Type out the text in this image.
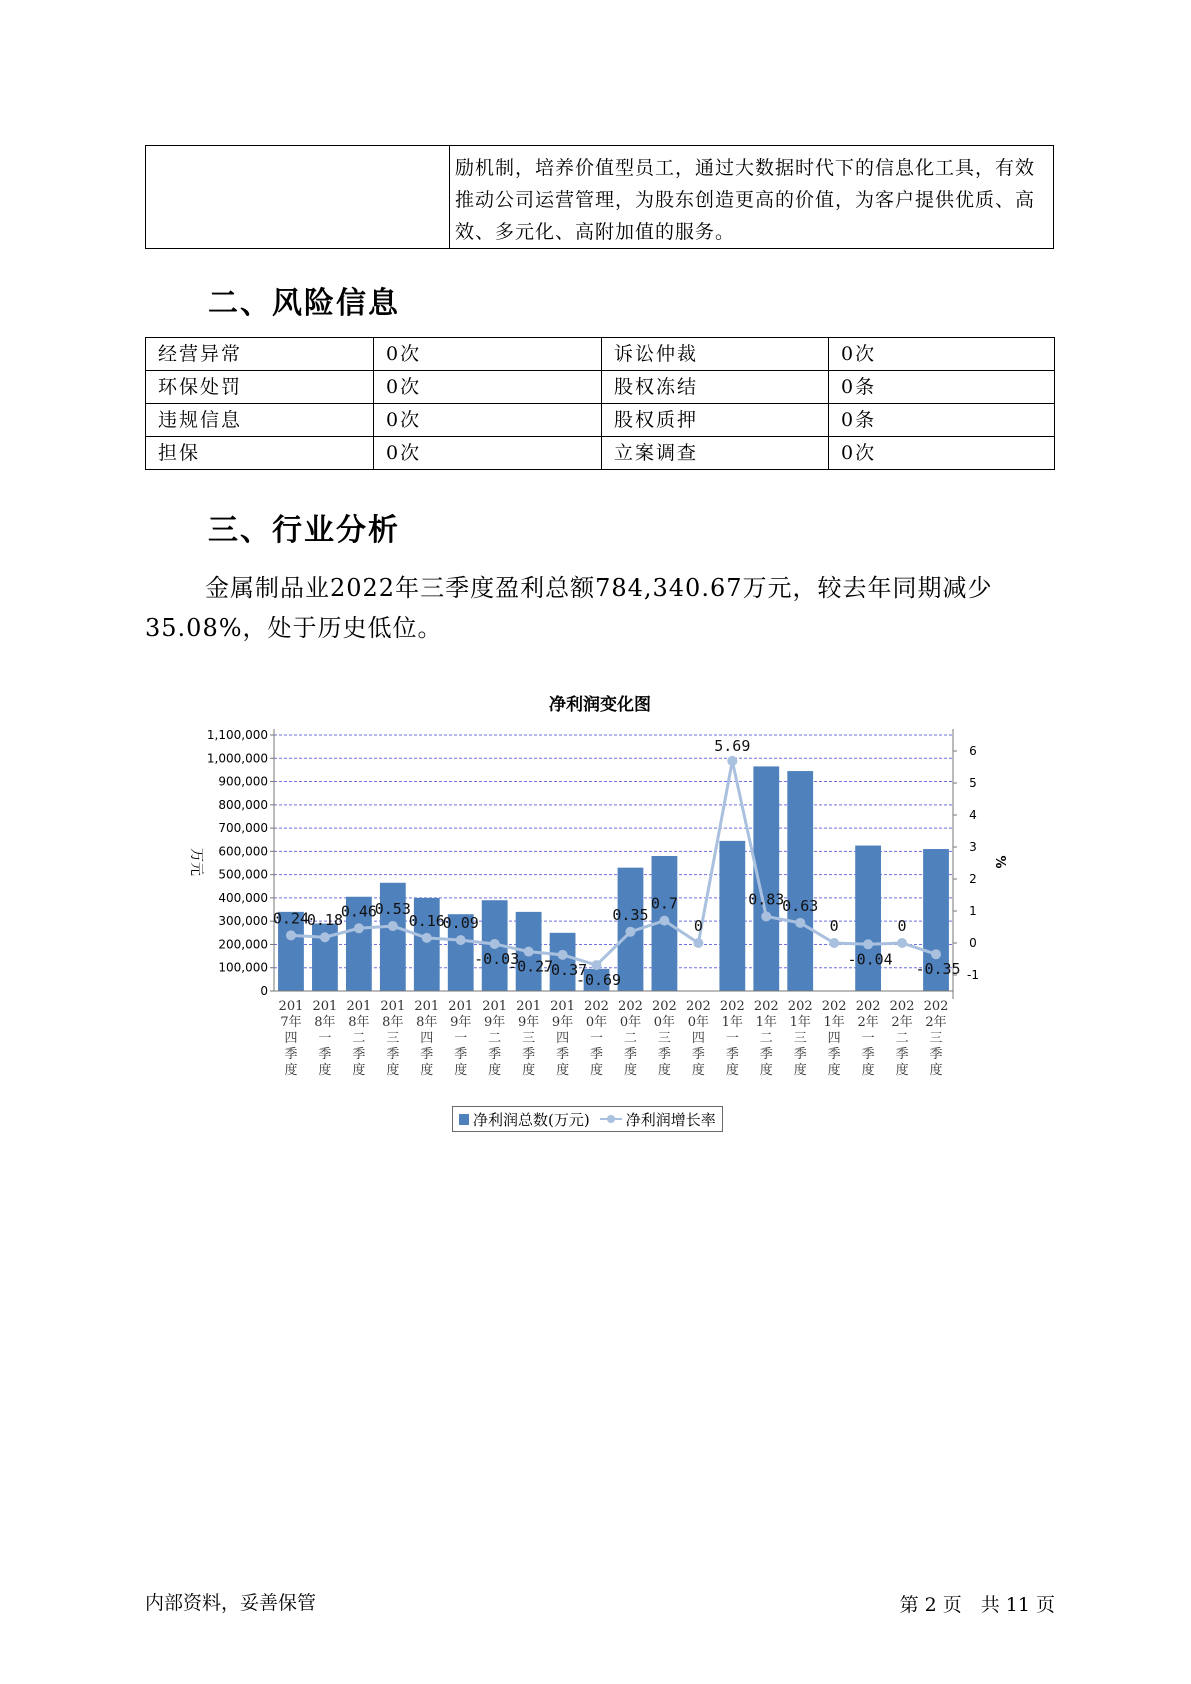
	励机制，培养价值型员工，通过大数据时代下的信息化工具，有效推动公司运营管理，为股东创造更高的价值，为客户提供优质、高效、多元化、高附加值的服务。
二、风险信息
经营异常	0次	诉讼仲裁	0次
环保处罚	0次	股权冻结	0条
违规信息	0次	股权质押	0条
担保	0次	立案调查	0次
三、行业分析

金属制品业2022年三季度盈利总额784,340.67万元，较去年同期减少35.08%，处于历史低位。

净利润变化图
0
100,000
200,000
300,000
400,000
500,000
600,000
700,000
800,000
900,000
1,000,000
1,100,000
-1
0
1
2
3
4
5
6
201 7年四季度
201 8年一季度
201 8年二季度
201 8年三季度
201 8年四季度
201 9年一季度
201 9年二季度
201 9年三季度
201 9年四季度
202 0年一季度
202 0年二季度
202 0年三季度
202 0年四季度
202 1年一季度
202 1年二季度
202 1年三季度
202 1年四季度
202 2年一季度
202 2年二季度
202 2年三季度
0.24
0.18
0.46
0.53
0.16
0.09
-0.03
-0.27
-0.37
-0.69
0.35
0.7
0
5.69
0.83
0.63
0
-0.04
0
-0.35
万元	%
净利润总数(万元) 净利润增长率
内部资料，妥善保管	第 2 页　共 11 页
